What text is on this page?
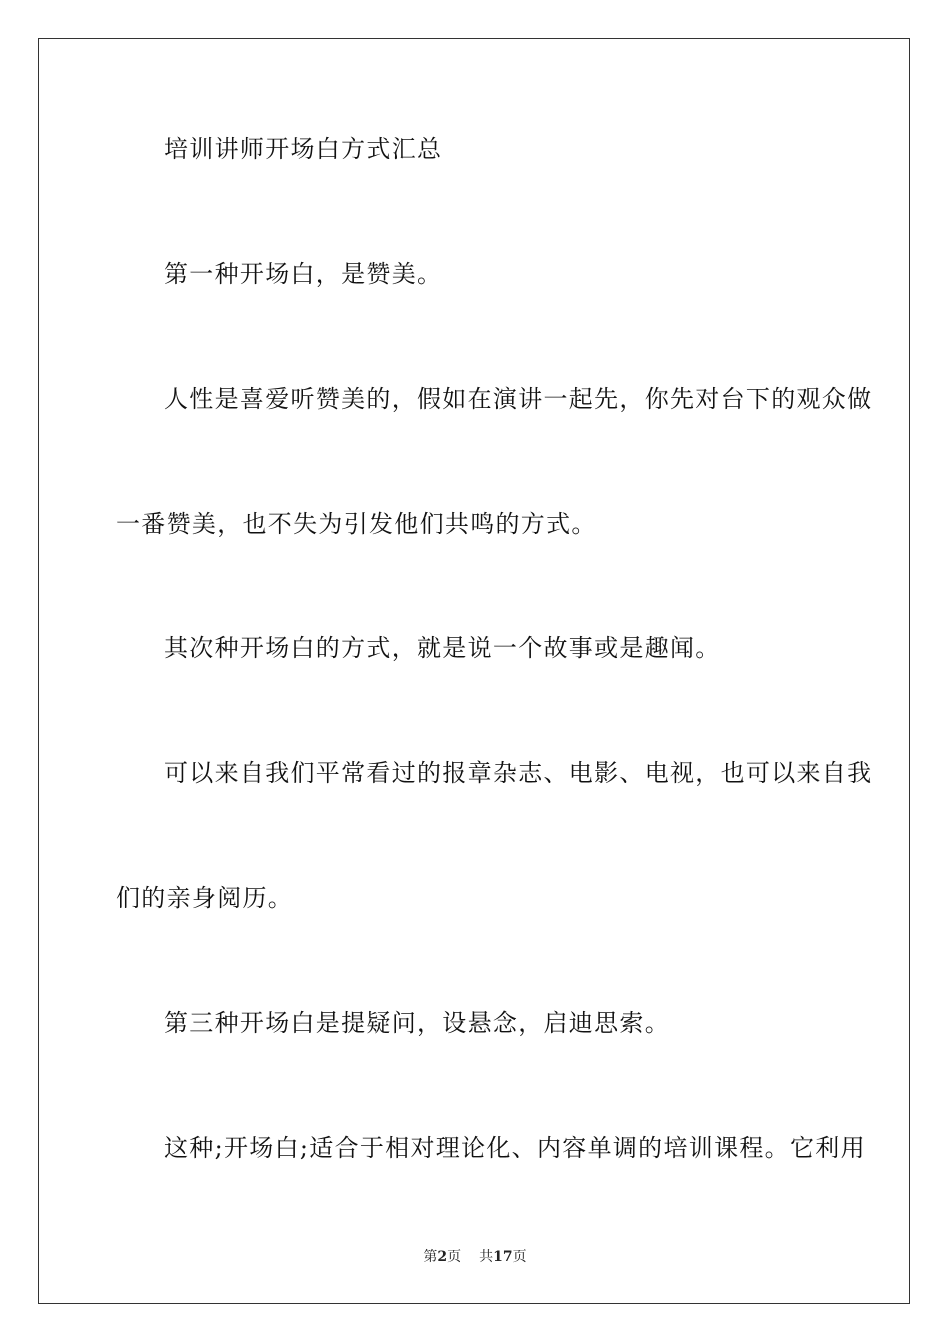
培训讲师开场白方式汇总
第一种开场白，是赞美。
人性是喜爱听赞美的，假如在演讲一起先，你先对台下的观众做
一番赞美，也不失为引发他们共鸣的方式。
其次种开场白的方式，就是说一个故事或是趣闻。
可以来自我们平常看过的报章杂志、电影、电视，也可以来自我
们的亲身阅历。
第三种开场白是提疑问，设悬念，启迪思索。
这种;开场白;适合于相对理论化、内容单调的培训课程。它利用
第2页 共17页
